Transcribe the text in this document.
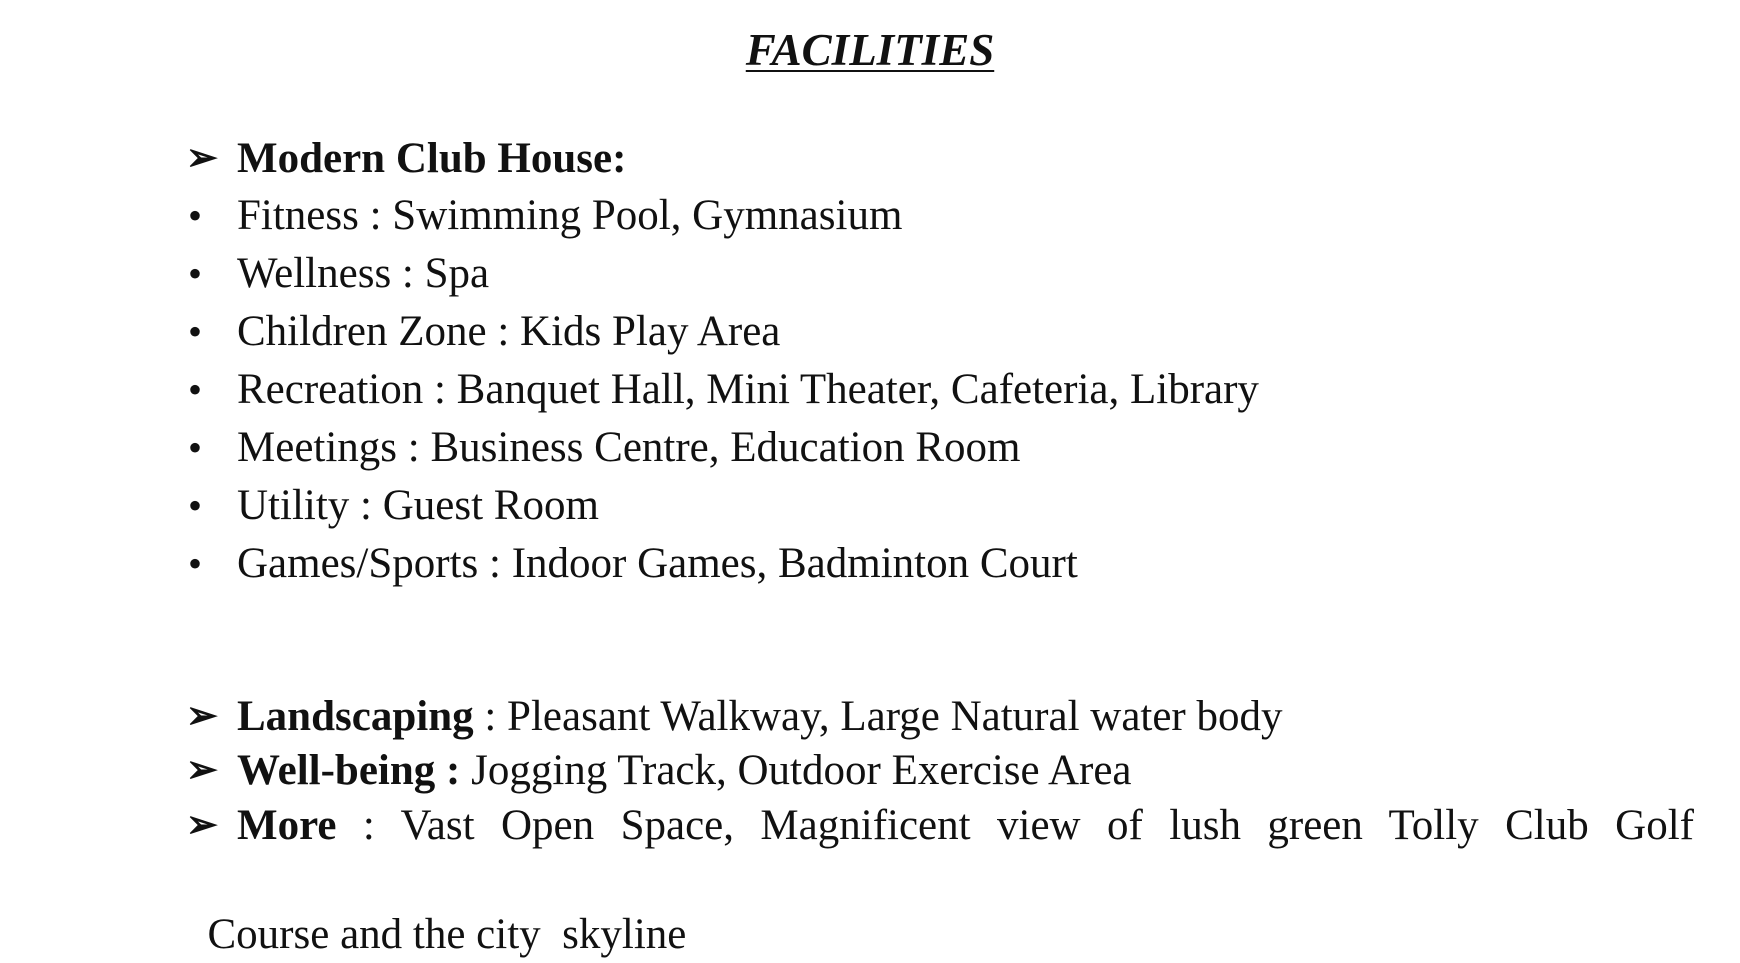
FACILITIES
➢ Modern Club House:
• Fitness : Swimming Pool, Gymnasium
• Wellness : Spa
• Children Zone : Kids Play Area
• Recreation : Banquet Hall, Mini Theater, Cafeteria, Library
• Meetings : Business Centre, Education Room
• Utility : Guest Room
• Games/Sports : Indoor Games, Badminton Court
➢ Landscaping : Pleasant Walkway, Large Natural water body
➢ Well-being : Jogging Track, Outdoor Exercise Area
➢ More : Vast Open Space, Magnificent view of lush green Tolly Club Golf

Course and the city  skyline
